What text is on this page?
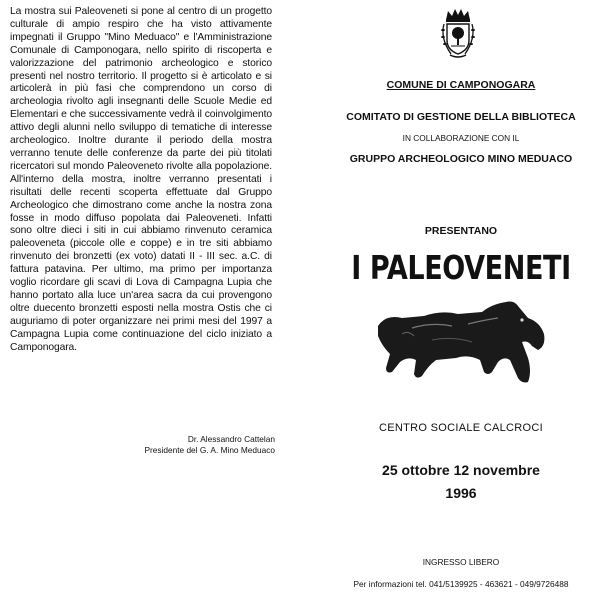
La mostra sui Paleoveneti si pone al centro di un progetto culturale di ampio respiro che ha visto attivamente impegnati il Gruppo "Mino Meduaco" e l'Amministrazione Comunale di Camponogara, nello spirito di riscoperta e valorizzazione del patrimonio archeologico e storico presenti nel nostro territorio. Il progetto si è articolato e si articolerà in più fasi che comprendono un corso di archeologia rivolto agli insegnanti delle Scuole Medie ed Elementari e che successivamente vedrà il coinvolgimento attivo degli alunni nello sviluppo di tematiche di interesse archeologico. Inoltre durante il periodo della mostra verranno tenute delle conferenze da parte dei più titolati ricercatori sul mondo Paleoveneto rivolte alla popolazione. All'interno della mostra, inoltre verranno presentati i risultati delle recenti scoperta effettuate dal Gruppo Archeologico che dimostrano come anche la nostra zona fosse in modo diffuso popolata dai Paleoveneti. Infatti sono oltre dieci i siti in cui abbiamo rinvenuto ceramica paleoveneta (piccole olle e coppe) e in tre siti abbiamo rinvenuto dei bronzetti (ex voto) datati II - III sec. a.C. di fattura patavina. Per ultimo, ma primo per importanza voglio ricordare gli scavi di Lova di Campagna Lupia che hanno portato alla luce un'area sacra da cui provengono oltre duecento bronzetti esposti nella mostra Ostis che ci auguriamo di poter organizzare nei primi mesi del 1997 a Campagna Lupia come continuazione del ciclo iniziato a Camponogara.
Dr. Alessandro Cattelan
Presidente del G. A. Mino Meduaco
COMUNE DI CAMPONOGARA
COMITATO DI GESTIONE DELLA BIBLIOTECA
IN COLLABORAZIONE CON IL
GRUPPO ARCHEOLOGICO MINO MEDUACO
PRESENTANO
I PALEOVENETI
CENTRO SOCIALE CALCROCI
25 ottobre 12 novembre
1996
INGRESSO LIBERO
Per informazioni tel. 041/5139925 - 463621 - 049/9726488
